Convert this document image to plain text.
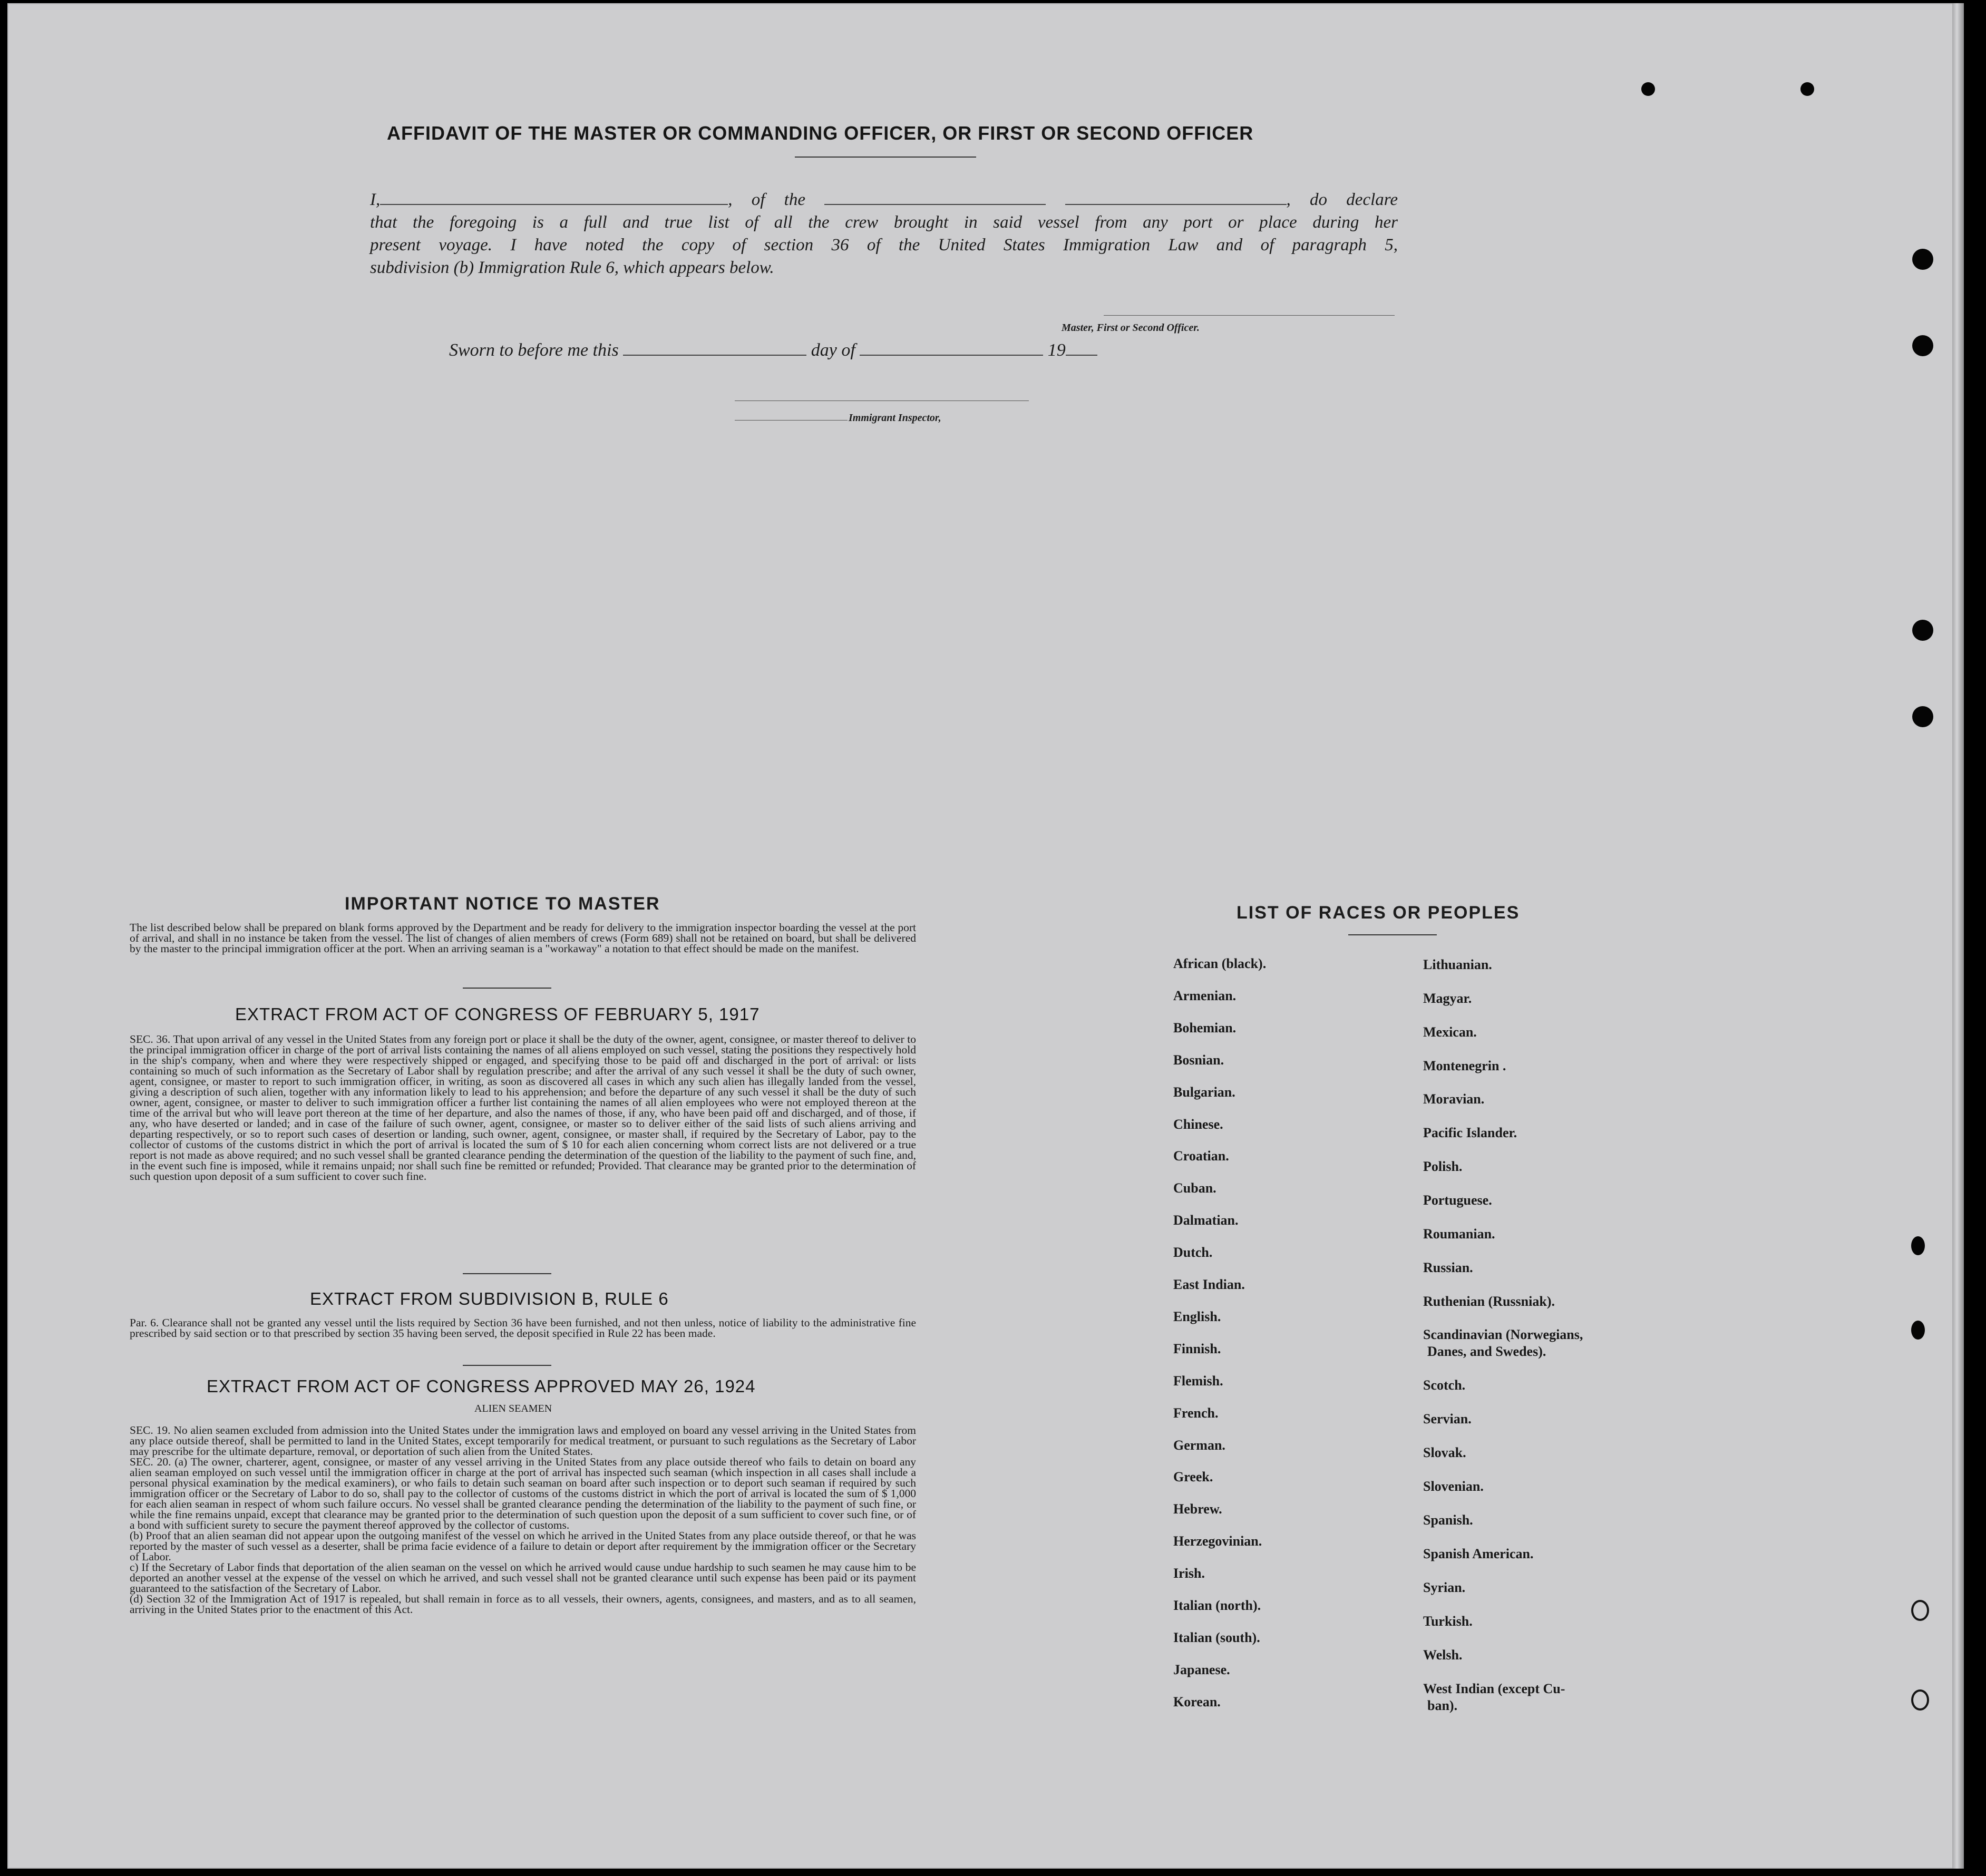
AFFIDAVIT OF THE MASTER OR COMMANDING OFFICER, OR FIRST OR SECOND OFFICER
I,	, of the	, do declare
that the foregoing is a full and true list of all the crew brought in said vessel from any port or place during her
present voyage. I have noted the copy of section 36 of the United States Immigration Law and of paragraph 5,
subdivision (b) Immigration Rule 6, which appears below.
Master, First or Second Officer.
Sworn to before me this	day of	19
Immigrant Inspector,
IMPORTANT NOTICE TO MASTER
The list described below shall be prepared on blank forms approved by the Department and be ready for delivery to the immigration inspector boarding the vessel at the port of arrival, and shall in no instance be taken from the vessel. The list of changes of alien members of crews (Form 689) shall not be retained on board, but shall be delivered by the master to the principal immigration officer at the port. When an arriving seaman is a "workaway" a notation to that effect should be made on the manifest.
EXTRACT FROM ACT OF CONGRESS OF FEBRUARY 5, 1917
SEC. 36. That upon arrival of any vessel in the United States from any foreign port or place it shall be the duty of the owner, agent, consignee, or master thereof to deliver to the principal immigration officer in charge of the port of arrival lists containing the names of all aliens employed on such vessel, stating the positions they respectively hold in the ship's company, when and where they were respectively shipped or engaged, and specifying those to be paid off and discharged in the port of arrival: or lists containing so much of such information as the Secretary of Labor shall by regulation prescribe; and after the arrival of any such vessel it shall be the duty of such owner, agent, consignee, or master to report to such immigration officer, in writing, as soon as discovered all cases in which any such alien has illegally landed from the vessel, giving a description of such alien, together with any information likely to lead to his apprehension; and before the departure of any such vessel it shall be the duty of such owner, agent, consignee, or master to deliver to such immigration officer a further list containing the names of all alien employees who were not employed thereon at the time of the arrival but who will leave port thereon at the time of her departure, and also the names of those, if any, who have been paid off and discharged, and of those, if any, who have deserted or landed; and in case of the failure of such owner, agent, consignee, or master so to deliver either of the said lists of such aliens arriving and departing respectively, or so to report such cases of desertion or landing, such owner, agent, consignee, or master shall, if required by the Secretary of Labor, pay to the collector of customs of the customs district in which the port of arrival is located the sum of $ 10 for each alien concerning whom correct lists are not delivered or a true report is not made as above required; and no such vessel shall be granted clearance pending the determination of the question of the liability to the payment of such fine, and, in the event such fine is imposed, while it remains unpaid; nor shall such fine be remitted or refunded; Provided. That clearance may be granted prior to the determination of such question upon deposit of a sum sufficient to cover such fine.
EXTRACT FROM SUBDIVISION B, RULE 6
Par. 6. Clearance shall not be granted any vessel until the lists required by Section 36 have been furnished, and not then unless, notice of liability to the administrative fine prescribed by said section or to that prescribed by section 35 having been served, the deposit specified in Rule 22 has been made.
EXTRACT FROM ACT OF CONGRESS APPROVED MAY 26, 1924
ALIEN SEAMEN
SEC. 19. No alien seamen excluded from admission into the United States under the immigration laws and employed on board any vessel arriving in the United States from any place outside thereof, shall be permitted to land in the United States, except temporarily for medical treatment, or pursuant to such regulations as the Secretary of Labor may prescribe for the ultimate departure, removal, or deportation of such alien from the United States.
SEC. 20. (a) The owner, charterer, agent, consignee, or master of any vessel arriving in the United States from any place outside thereof who fails to detain on board any alien seaman employed on such vessel until the immigration officer in charge at the port of arrival has inspected such seaman (which inspection in all cases shall include a personal physical examination by the medical examiners), or who fails to detain such seaman on board after such inspection or to deport such seaman if required by such immigration officer or the Secretary of Labor to do so, shall pay to the collector of customs of the customs district in which the port of arrival is located the sum of $ 1,000 for each alien seaman in respect of whom such failure occurs. No vessel shall be granted clearance pending the determination of the liability to the payment of such fine, or while the fine remains unpaid, except that clearance may be granted prior to the determination of such question upon the deposit of a sum sufficient to cover such fine, or of a bond with sufficient surety to secure the payment thereof approved by the collector of customs.
(b) Proof that an alien seaman did not appear upon the outgoing manifest of the vessel on which he arrived in the United States from any place outside thereof, or that he was reported by the master of such vessel as a deserter, shall be prima facie evidence of a failure to detain or deport after requirement by the immigration officer or the Secretary of Labor.
c) If the Secretary of Labor finds that deportation of the alien seaman on the vessel on which he arrived would cause undue hardship to such seamen he may cause him to be deported an another vessel at the expense of the vessel on which he arrived, and such vessel shall not be granted clearance until such expense has been paid or its payment guaranteed to the satisfaction of the Secretary of Labor.
(d) Section 32 of the Immigration Act of 1917 is repealed, but shall remain in force as to all vessels, their owners, agents, consignees, and masters, and as to all seamen, arriving in the United States prior to the enactment of this Act.
LIST OF RACES OR PEOPLES
African (black).
Armenian.
Bohemian.
Bosnian.
Bulgarian.
Chinese.
Croatian.
Cuban.
Dalmatian.
Dutch.
East Indian.
English.
Finnish.
Flemish.
French.
German.
Greek.
Hebrew.
Herzegovinian.
Irish.
Italian (north).
Italian (south).
Japanese.
Korean.
Lithuanian.
Magyar.
Mexican.
Montenegrin .
Moravian.
Pacific Islander.
Polish.
Portuguese.
Roumanian.
Russian.
Ruthenian (Russniak).
Scandinavian (Norwegians,
Danes, and Swedes).
Scotch.
Servian.
Slovak.
Slovenian.
Spanish.
Spanish American.
Syrian.
Turkish.
Welsh.
West Indian (except Cu-
ban).
